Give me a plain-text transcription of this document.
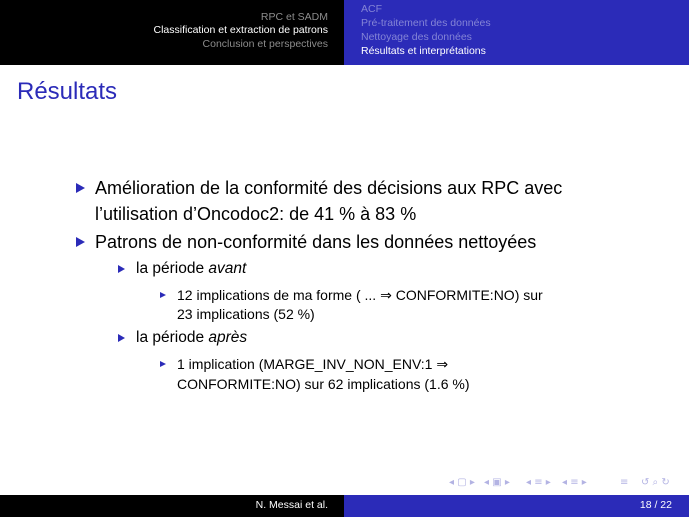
RPC et SADM
Classification et extraction de patrons
Conclusion et perspectives
ACF
Pré-traitement des données
Nettoyage des données
Résultats et interprétations
Résultats
Amélioration de la conformité des décisions aux RPC avec
l’utilisation d’Oncodoc2: de 41 % à 83 %
Patrons de non-conformité dans les données nettoyées
la période avant
12 implications de ma forme ( ... ⇒ CONFORMITE:NO) sur
23 implications (52 %)
la période après
1 implication (MARGE_INV_NON_ENV:1 ⇒
CONFORMITE:NO) sur 62 implications (1.6 %)
◂ ▢ ▸ ◂ ▣ ▸ ◂ ≡ ▸ ◂ ≡ ▸	≡ ↺ ⌕ ↻
N. Messai et al.	18 / 22
